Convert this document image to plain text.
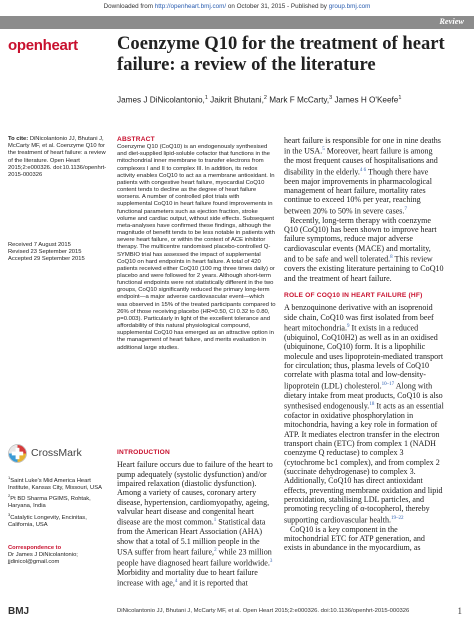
Downloaded from http://openheart.bmj.com/ on October 31, 2015 - Published by group.bmj.com
Review
openheart Coenzyme Q10 for the treatment of heart failure: a review of the literature
James J DiNicolantonio,$^1$ Jaikrit Bhutani,$^2$ Mark F McCarty,$^3$ James H O'Keefe$^1$
To cite: DiNicolantonio JJ, Bhutani J, McCarty MF, et al. Coenzyme Q10 for the treatment of heart failure: a review of the literature. Open Heart 2015;2:e000326. doi:10.1136/openhrt-2015-000326
Received 7 August 2015
Revised 23 September 2015
Accepted 29 September 2015
CrossMark
$^1$Saint Luke's Mid America Heart Institute, Kansas City, Missouri, USA
$^2$Pt BD Sharma PGIMS, Rohtak, Haryana, India
$^3$Catalytic Longevity, Encinitas, California, USA
Correspondence to
Dr James J DiNicolantonio;
jjdinicol@gmail.com
ABSTRACT
Coenzyme Q10 (CoQ10) is an endogenously synthesised and diet-supplied lipid-soluble cofactor that functions in the mitochondrial inner membrane to transfer electrons from complexes I and II to complex III. In addition, its redox activity enables CoQ10 to act as a membrane antioxidant. In patients with congestive heart failure, myocardial CoQ10 content tends to decline as the degree of heart failure worsens. A number of controlled pilot trials with supplemental CoQ10 in heart failure found improvements in functional parameters such as ejection fraction, stroke volume and cardiac output, without side effects. Subsequent meta-analyses have confirmed these findings, although the magnitude of benefit tends to be less notable in patients with severe heart failure, or within the context of ACE inhibitor therapy. The multicentre randomised placebo-controlled Q-SYMBIO trial has assessed the impact of supplemental CoQ10 on hard endpoints in heart failure. A total of 420 patients received either CoQ10 (100 mg three times daily) or placebo and were followed for 2 years. Although short-term functional endpoints were not statistically different in the two groups, CoQ10 significantly reduced the primary long-term endpoint—a major adverse cardiovascular event—which was observed in 15% of the treated participants compared to 26% of those receiving placebo (HR=0.50, CI 0.32 to 0.80, p=0.003). Particularly in light of the excellent tolerance and affordability of this natural physiological compound, supplemental CoQ10 has emerged as an attractive option in the management of heart failure, and merits evaluation in additional large studies.
INTRODUCTION
Heart failure occurs due to failure of the heart to pump adequately (systolic dysfunction) and/or impaired relaxation (diastolic dysfunction). Among a variety of causes, coronary artery disease, hypertension, cardiomyopathy, ageing, valvular heart disease and congenital heart disease are the most common.$^1$ Statistical data from the American Heart Association (AHA) show that a total of 5.1 million people in the USA suffer from heart failure,$^2$ while 23 million people have diagnosed heart failure worldwide.$^3$ Morbidity and mortality due to heart failure increase with age,$^4$ and it is reported that
heart failure is responsible for one in nine deaths in the USA.$^5$ Moreover, heart failure is among the most frequent causes of hospitalisations and disability in the elderly.$^{4 6}$ Though there have been major improvements in pharmacological management of heart failure, mortality rates continue to exceed 10% per year, reaching between 20% to 50% in severe cases.$^7$
Recently, long-term therapy with coenzyme Q10 (CoQ10) has been shown to improve heart failure symptoms, reduce major adverse cardiovascular events (MACE) and mortality, and to be safe and well tolerated.$^8$ This review covers the existing literature pertaining to CoQ10 and the treatment of heart failure.
ROLE OF COQ10 IN HEART FAILURE (HF)
A benzoquinone derivative with an isoprenoid side chain, CoQ10 was first isolated from beef heart mitochondria.$^9$ It exists in a reduced (ubiquinol, CoQ10H2) as well as in an oxidised (ubiquinone, CoQ10) form. It is a lipophilic molecule and uses lipoprotein-mediated transport for circulation; thus, plasma levels of CoQ10 correlate with plasma total and low-density-lipoprotein (LDL) cholesterol.$^{10-17}$ Along with dietary intake from meat products, CoQ10 is also synthesised endogenously.$^{18}$ It acts as an essential cofactor in oxidative phosphorylation in mitochondria, having a key role in formation of ATP. It mediates electron transfer in the electron transport chain (ETC) from complex 1 (NADH coenzyme Q reductase) to complex 3 (cytochrome bc1 complex), and from complex 2 (succinate dehydrogenase) to complex 3. Additionally, CoQ10 has direct antioxidant effects, preventing membrane oxidation and lipid peroxidation, stabilising LDL particles, and promoting recycling of α-tocopherol, thereby supporting cardiovascular health.$^{19-22}$
CoQ10 is a key component in the mitochondrial ETC for ATP generation, and exists in abundance in the myocardium, as
BMJ	DiNicolantonio JJ, Bhutani J, McCarty MF, et al. Open Heart 2015;2:e000326. doi:10.1136/openhrt-2015-000326	1
